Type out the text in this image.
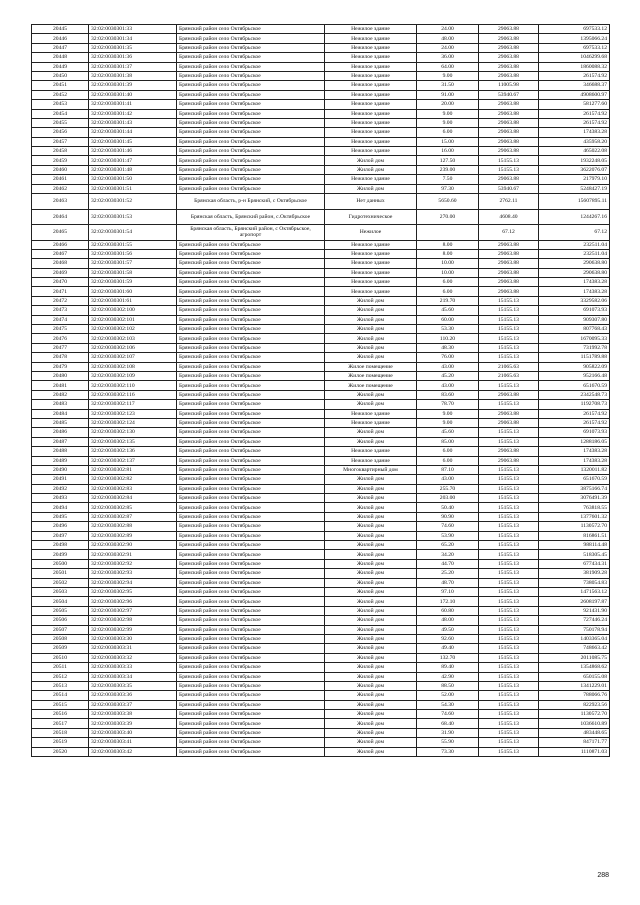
20445	32:02:0030301:33	Брянский район село Октябрьское	Нежилое здание	24.00	29063.88	697533.12
20446	32:02:0030301:34	Брянский район село Октябрьское	Нежилое здание	48.00	29063.88	1395066.24
20447	32:02:0030301:35	Брянский район село Октябрьское	Нежилое здание	24.00	29063.88	697533.12
20448	32:02:0030301:36	Брянский район село Октябрьское	Нежилое здание	36.00	29063.88	1046299.68
20449	32:02:0030301:37	Брянский район село Октябрьское	Нежилое здание	64.00	29063.88	1860088.32
20450	32:02:0030301:38	Брянский район село Октябрьское	Нежилое здание	9.00	29063.88	261574.92
20451	32:02:0030301:39	Брянский район село Октябрьское	Нежилое здание	31.50	11005.98	346688.37
20452	32:02:0030301:40	Брянский район село Октябрьское	Нежилое здание	91.00	53940.67	4908600.97
20453	32:02:0030301:41	Брянский район село Октябрьское	Нежилое здание	20.00	29063.88	581277.60
20454	32:02:0030301:42	Брянский район село Октябрьское	Нежилое здание	9.00	29063.88	261574.92
20455	32:02:0030301:43	Брянский район село Октябрьское	Нежилое здание	9.00	29063.88	261574.92
20456	32:02:0030301:44	Брянский район село Октябрьское	Нежилое здание	6.00	29063.88	174383.28
20457	32:02:0030301:45	Брянский район село Октябрьское	Нежилое здание	15.00	29063.88	435958.20
20458	32:02:0030301:46	Брянский район село Октябрьское	Нежилое здание	16.00	29063.88	465022.08
20459	32:02:0030301:47	Брянский район село Октябрьское	Жилой дом	127.50	15155.13	1932248.05
20460	32:02:0030301:48	Брянский район село Октябрьское	Жилой дом	239.00	15155.13	3622076.07
20461	32:02:0030301:50	Брянский район село Октябрьское	Нежилое здание	7.50	29063.88	217979.10
20462	32:02:0030301:51	Брянский район село Октябрьское	Жилой дом	97.30	53940.67	5248427.19
20463	32:02:0030301:52	Брянская область, р-н Брянский, с Октябрьское	Нет данных	5650.60	2762.11	15607895.11
20464	32:02:0030301:53	Брянская область, Брянский район, с.Октябрьское	Гидротехническое	270.00	4608.40	1244267.16
20465	32:02:0030301:54	Брянская область, Брянский район, с Октябрьское, агропорт	Нежилое		67.12	67.12
20466	32:02:0030301:55	Брянский район село Октябрьское	Нежилое здание	8.00	29063.88	232511.04
20467	32:02:0030301:56	Брянский район село Октябрьское	Нежилое здание	8.00	29063.88	232511.04
20468	32:02:0030301:57	Брянский район село Октябрьское	Нежилое здание	10.00	29063.88	290638.80
20469	32:02:0030301:58	Брянский район село Октябрьское	Нежилое здание	10.00	29063.88	290638.80
20470	32:02:0030301:59	Брянский район село Октябрьское	Нежилое здание	6.00	29063.88	174383.28
20471	32:02:0030301:60	Брянский район село Октябрьское	Нежилое здание	6.00	29063.88	174383.28
20472	32:02:0030301:61	Брянский район село Октябрьское	Жилой дом	219.70	15155.13	3329582.06
20473	32:02:0030302:100	Брянский район село Октябрьское	Жилой дом	45.60	15155.13	691073.93
20474	32:02:0030302:101	Брянский район село Октябрьское	Жилой дом	60.00	15155.13	909307.80
20475	32:02:0030302:102	Брянский район село Октябрьское	Жилой дом	53.30	15155.13	807768.43
20476	32:02:0030302:103	Брянский район село Октябрьское	Жилой дом	110.20	15155.13	1670095.33
20477	32:02:0030302:106	Брянский район село Октябрьское	Жилой дом	48.30	15155.13	731992.78
20478	32:02:0030302:107	Брянский район село Октябрьское	Жилой дом	76.00	15155.13	1151789.88
20479	32:02:0030302:108	Брянский район село Октябрьское	Жилое помещение	43.00	21065.63	905822.09
20480	32:02:0030302:109	Брянский район село Октябрьское	Жилое помещение	45.20	21065.63	952166.48
20481	32:02:0030302:110	Брянский район село Октябрьское	Жилое помещение	43.00	15155.13	651670.59
20482	32:02:0030302:116	Брянский район село Октябрьское	Жилой дом	83.60	29063.88	2342548.73
20483	32:02:0030302:117	Брянский район село Октябрьское	Жилой дом	78.70	15155.13	1192708.73
20484	32:02:0030302:123	Брянский район село Октябрьское	Нежилое здание	9.00	29063.88	261574.92
20485	32:02:0030302:124	Брянский район село Октябрьское	Нежилое здание	9.00	29063.88	261574.92
20486	32:02:0030302:130	Брянский район село Октябрьское	Жилой дом	45.60	15155.13	691073.93
20487	32:02:0030302:135	Брянский район село Октябрьское	Жилой дом	85.00	15155.13	1288186.05
20488	32:02:0030302:136	Брянский район село Октябрьское	Нежилое здание	6.00	29063.88	174383.28
20489	32:02:0030302:137	Брянский район село Октябрьское	Нежилое здание	6.00	29063.88	174383.28
20490	32:02:0030302:81	Брянский район село Октябрьское	Многоквартирный дом	87.10	15155.13	1320011.82
20491	32:02:0030302:82	Брянский район село Октябрьское	Жилой дом	43.00	15155.13	651670.59
20492	32:02:0030302:83	Брянский район село Октябрьское	Жилой дом	255.70	15155.13	3875166.74
20493	32:02:0030302:84	Брянский район село Октябрьское	Жилой дом	203.00	15155.13	3076491.39
20494	32:02:0030302:85	Брянский район село Октябрьское	Жилой дом	50.40	15155.13	763818.55
20495	32:02:0030302:87	Брянский район село Октябрьское	Жилой дом	90.90	15155.13	1377601.32
20496	32:02:0030302:88	Брянский район село Октябрьское	Жилой дом	74.60	15155.13	1130572.70
20497	32:02:0030302:89	Брянский район село Октябрьское	Жилой дом	53.90	15155.13	816861.51
20498	32:02:0030302:90	Брянский район село Октябрьское	Жилой дом	65.20	15155.13	988114.48
20499	32:02:0030302:91	Брянский район село Октябрьское	Жилой дом	34.20	15155.13	518305.45
20500	32:02:0030302:92	Брянский район село Октябрьское	Жилой дом	44.70	15155.13	677434.31
20501	32:02:0030302:93	Брянский район село Октябрьское	Жилой дом	25.20	15155.13	381909.28
20502	32:02:0030302:94	Брянский район село Октябрьское	Жилой дом	48.70	15155.13	738054.83
20503	32:02:0030302:95	Брянский район село Октябрьское	Жилой дом	97.10	15155.13	1471563.12
20504	32:02:0030302:96	Брянский район село Октябрьское	Жилой дом	172.10	15155.13	2608197.87
20505	32:02:0030302:97	Брянский район село Октябрьское	Жилой дом	60.80	15155.13	921431.90
20506	32:02:0030302:98	Брянский район село Октябрьское	Жилой дом	48.00	15155.13	727446.24
20507	32:02:0030302:99	Брянский район село Октябрьское	Жилой дом	49.50	15155.13	750178.94
20508	32:02:0030303:30	Брянский район село Октябрьское	Жилой дом	92.60	15155.13	1403365.04
20509	32:02:0030303:31	Брянский район село Октябрьское	Жилой дом	49.40	15155.13	748663.42
20510	32:02:0030303:32	Брянский район село Октябрьское	Жилой дом	132.70	15155.13	2011085.75
20511	32:02:0030303:33	Брянский район село Октябрьское	Жилой дом	89.40	15155.13	1354868.62
20512	32:02:0030303:34	Брянский район село Октябрьское	Жилой дом	42.90	15155.13	650155.08
20513	32:02:0030303:35	Брянский район село Октябрьское	Жилой дом	88.50	15155.13	1341229.01
20514	32:02:0030303:36	Брянский район село Октябрьское	Жилой дом	52.00	15155.13	788066.76
20515	32:02:0030303:37	Брянский район село Октябрьское	Жилой дом	54.30	15155.13	822923.56
20516	32:02:0030303:38	Брянский район село Октябрьское	Жилой дом	74.60	15155.13	1130572.70
20517	32:02:0030303:39	Брянский район село Октябрьское	Жилой дом	68.40	15155.13	1036610.89
20518	32:02:0030303:40	Брянский район село Октябрьское	Жилой дом	31.90	15155.13	483448.65
20519	32:02:0030303:41	Брянский район село Октябрьское	Жилой дом	55.90	15155.13	847171.77
20520	32:02:0030303:42	Брянский район село Октябрьское	Жилой дом	73.30	15155.13	1110871.03
288
